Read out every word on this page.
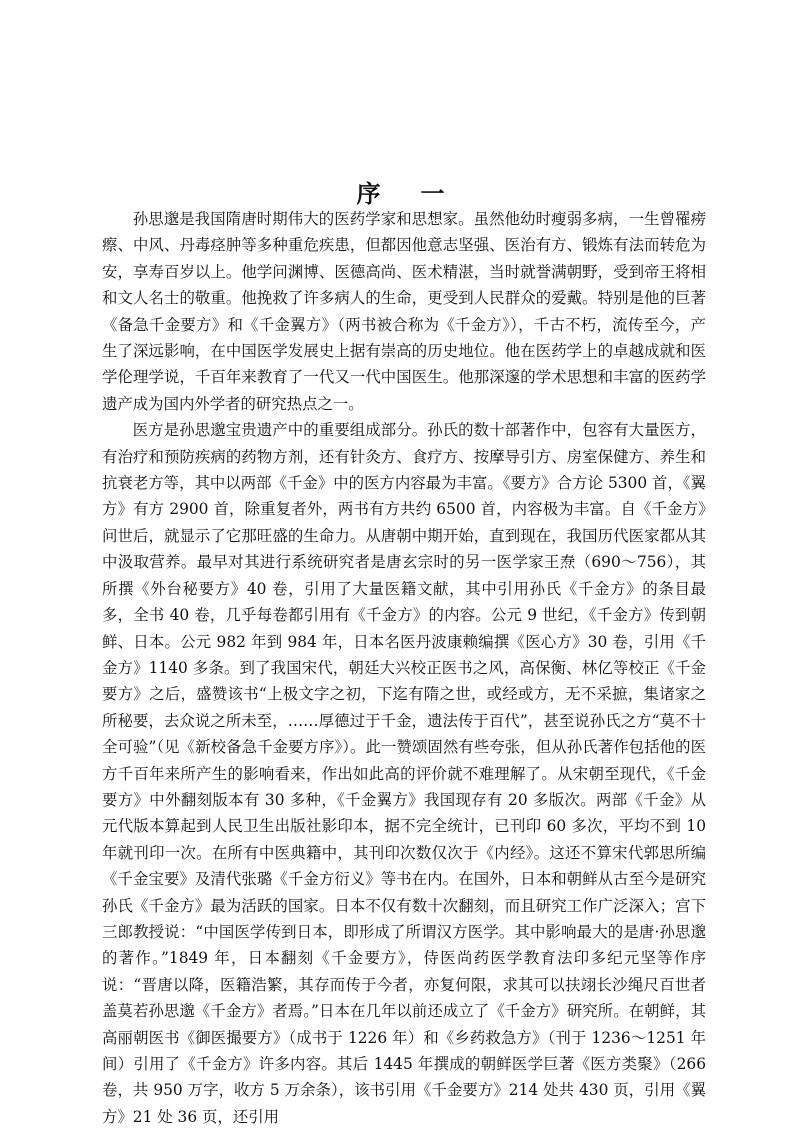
序 一

孙思邈是我国隋唐时期伟大的医药学家和思想家。虽然他幼时瘦弱多病，一生曾罹痨瘵、中风、丹毒痉肿等多种重危疾患，但都因他意志坚强、医治有方、锻炼有法而转危为安，享寿百岁以上。他学问渊博、医德高尚、医术精湛，当时就誉满朝野，受到帝王将相和文人名士的敬重。他挽救了许多病人的生命，更受到人民群众的爱戴。特别是他的巨著《备急千金要方》和《千金翼方》（两书被合称为《千金方》），千古不朽，流传至今，产生了深远影响，在中国医学发展史上据有崇高的历史地位。他在医药学上的卓越成就和医学伦理学说，千百年来教育了一代又一代中国医生。他那深邃的学术思想和丰富的医药学遗产成为国内外学者的研究热点之一。

医方是孙思邈宝贵遗产中的重要组成部分。孙氏的数十部著作中，包容有大量医方，有治疗和预防疾病的药物方剂，还有针灸方、食疗方、按摩导引方、房室保健方、养生和抗衰老方等，其中以两部《千金》中的医方内容最为丰富。《要方》合方论 5300 首，《翼方》有方 2900 首，除重复者外，两书有方共约 6500 首，内容极为丰富。自《千金方》问世后，就显示了它那旺盛的生命力。从唐朝中期开始，直到现在，我国历代医家都从其中汲取营养。最早对其进行系统研究者是唐玄宗时的另一医学家王焘（690～756），其所撰《外台秘要方》40 卷，引用了大量医籍文献，其中引用孙氏《千金方》的条目最多，全书 40 卷，几乎每卷都引用有《千金方》的内容。公元 9 世纪，《千金方》传到朝鲜、日本。公元 982 年到 984 年，日本名医丹波康赖编撰《医心方》30 卷，引用《千金方》1140 多条。到了我国宋代，朝廷大兴校正医书之风，高保衡、林亿等校正《千金要方》之后，盛赞该书“上极文字之初，下迄有隋之世，或经或方，无不采摭，集诸家之所秘要，去众说之所未至，……厚德过于千金，遗法传于百代”，甚至说孙氏之方“莫不十全可验”（见《新校备急千金要方序》）。此一赞颂固然有些夸张，但从孙氏著作包括他的医方千百年来所产生的影响看来，作出如此高的评价就不难理解了。从宋朝至现代，《千金要方》中外翻刻版本有 30 多种，《千金翼方》我国现存有 20 多版次。两部《千金》从元代版本算起到人民卫生出版社影印本，据不完全统计，已刊印 60 多次，平均不到 10 年就刊印一次。在所有中医典籍中，其刊印次数仅次于《内经》。这还不算宋代郭思所编《千金宝要》及清代张璐《千金方衍义》等书在内。在国外，日本和朝鲜从古至今是研究孙氏《千金方》最为活跃的国家。日本不仅有数十次翻刻，而且研究工作广泛深入；宫下三郎教授说：“中国医学传到日本，即形成了所谓汉方医学。其中影响最大的是唐·孙思邈的著作。”1849 年，日本翻刻《千金要方》，侍医尚药医学教育法印多纪元坚等作序说：“晋唐以降，医籍浩繁，其存而传于今者，亦复何限，求其可以扶翊长沙绳尺百世者盖莫若孙思邈《千金方》者焉。”日本在几年以前还成立了《千金方》研究所。在朝鲜，其高丽朝医书《御医撮要方》（成书于 1226 年）和《乡药救急方》（刊于 1236～1251 年间）引用了《千金方》许多内容。其后 1445 年撰成的朝鲜医学巨著《医方类聚》（266 卷，共 950 万字，收方 5 万余条），该书引用《千金要方》214 处共 430 页，引用《翼方》21 处 36 页，还引用
